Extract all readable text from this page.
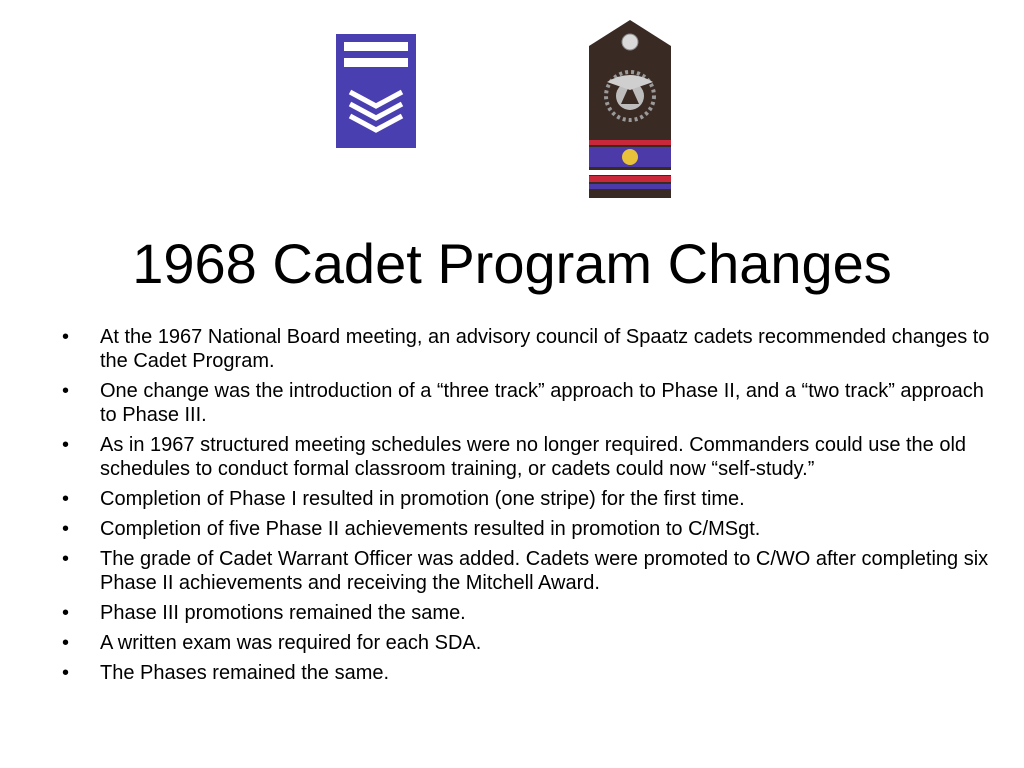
1968 Cadet Program Changes
•	At the 1967 National Board meeting, an advisory council of Spaatz cadets recommended changes to the Cadet Program.
•	One change was the introduction of a “three track” approach to Phase II, and a “two track” approach to Phase III.
•	As in 1967 structured meeting schedules were no longer required. Commanders could use the old schedules to conduct formal classroom training, or cadets could now “self-study.”
•	Completion of Phase I resulted in promotion (one stripe) for the first time.
•	Completion of five Phase II achievements resulted in promotion to C/MSgt.
•	The grade of Cadet Warrant Officer was added. Cadets were promoted to C/WO after completing six Phase II achievements and receiving the Mitchell Award.
•	Phase III promotions remained the same.
•	A written exam was required for each SDA.
•	The Phases remained the same.
